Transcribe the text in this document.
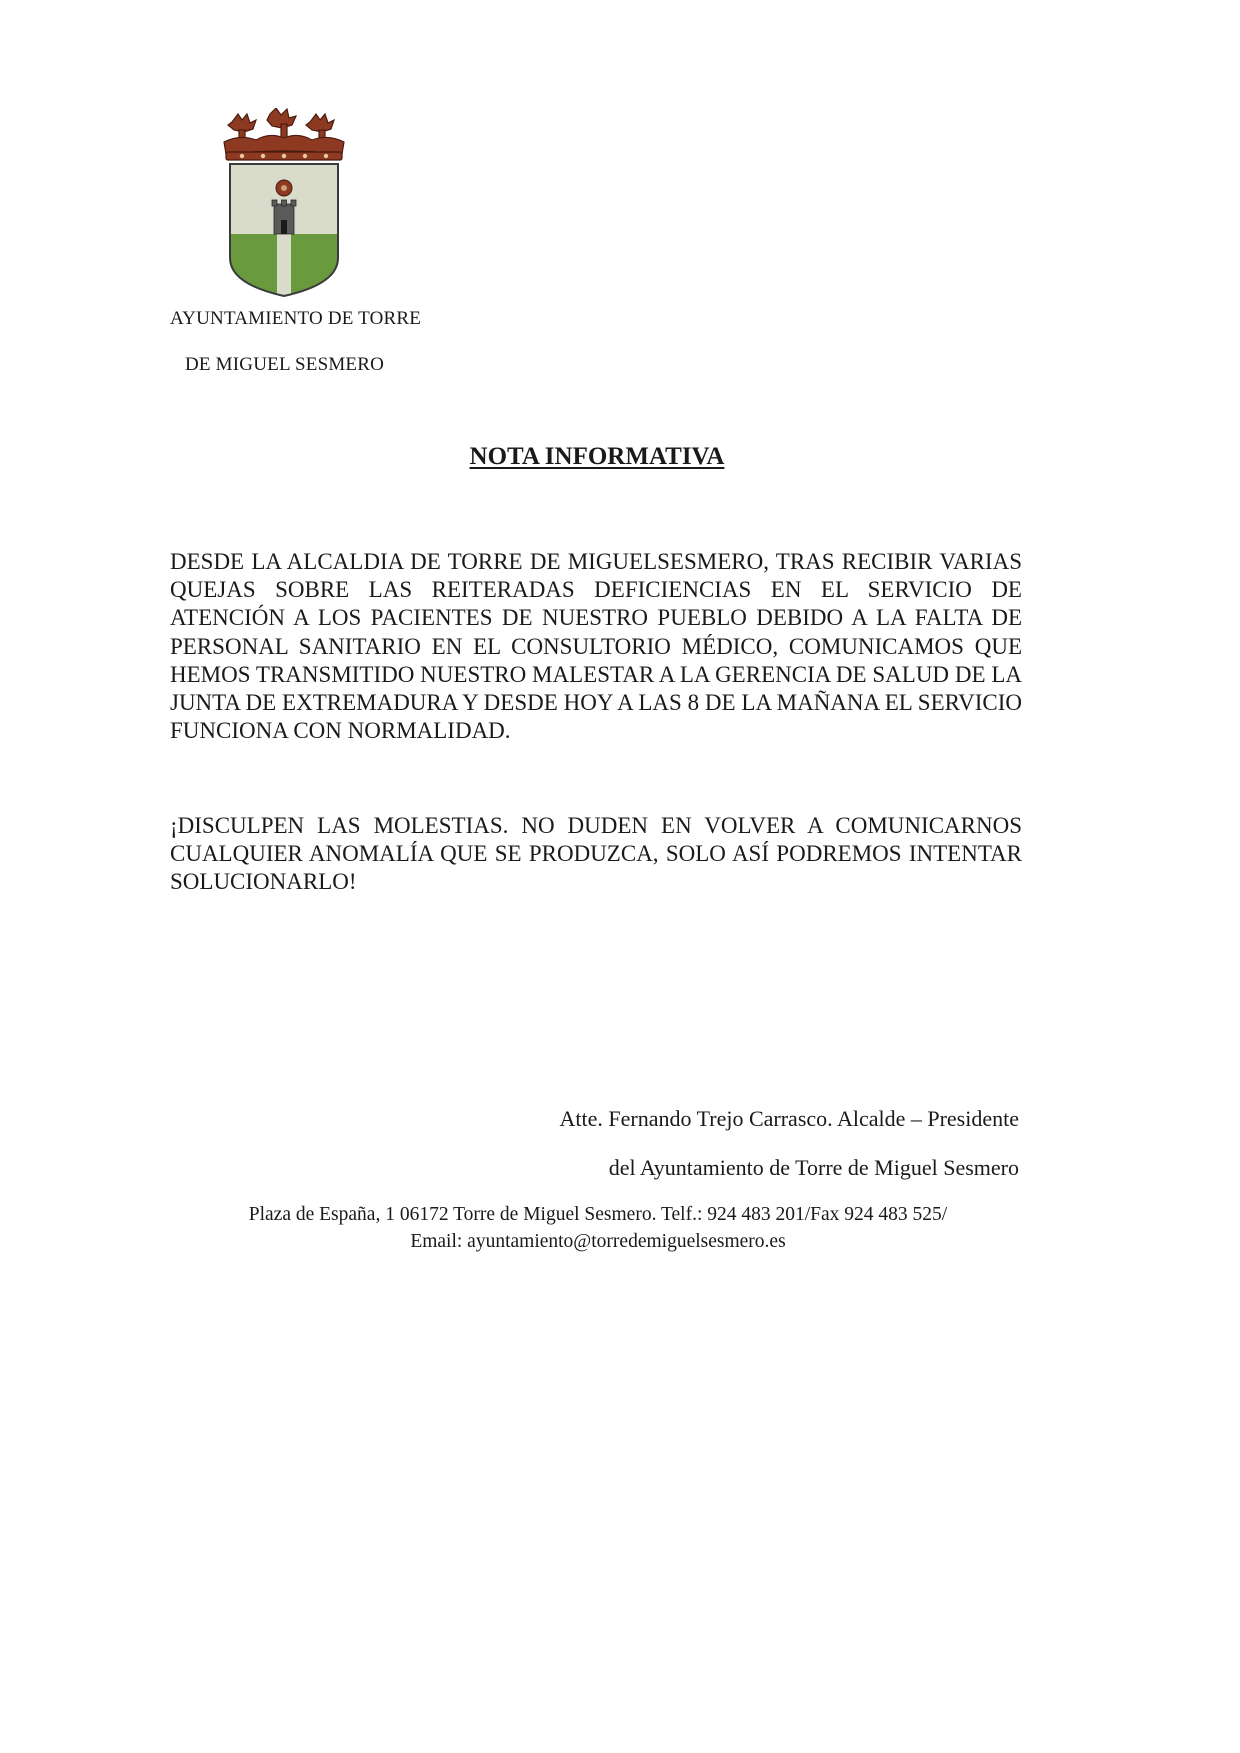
AYUNTAMIENTO DE TORRE
DE MIGUEL SESMERO
NOTA INFORMATIVA
DESDE LA ALCALDIA DE TORRE DE MIGUELSESMERO, TRAS RECIBIR VARIAS QUEJAS SOBRE LAS REITERADAS DEFICIENCIAS EN EL SERVICIO DE ATENCIÓN A LOS PACIENTES DE NUESTRO PUEBLO DEBIDO A LA FALTA DE PERSONAL SANITARIO EN EL CONSULTORIO MÉDICO, COMUNICAMOS QUE HEMOS TRANSMITIDO NUESTRO MALESTAR A LA GERENCIA DE SALUD DE LA JUNTA DE EXTREMADURA Y DESDE HOY A LAS 8 DE LA MAÑANA EL SERVICIO FUNCIONA CON NORMALIDAD.
¡DISCULPEN LAS MOLESTIAS. NO DUDEN EN VOLVER A COMUNICARNOS CUALQUIER ANOMALÍA QUE SE PRODUZCA, SOLO ASÍ PODREMOS INTENTAR SOLUCIONARLO!
Atte. Fernando Trejo Carrasco. Alcalde – Presidente
del Ayuntamiento de Torre de Miguel Sesmero
Plaza de España, 1 06172 Torre de Miguel Sesmero. Telf.: 924 483 201/Fax 924 483 525/
Email: ayuntamiento@torredemiguelsesmero.es
